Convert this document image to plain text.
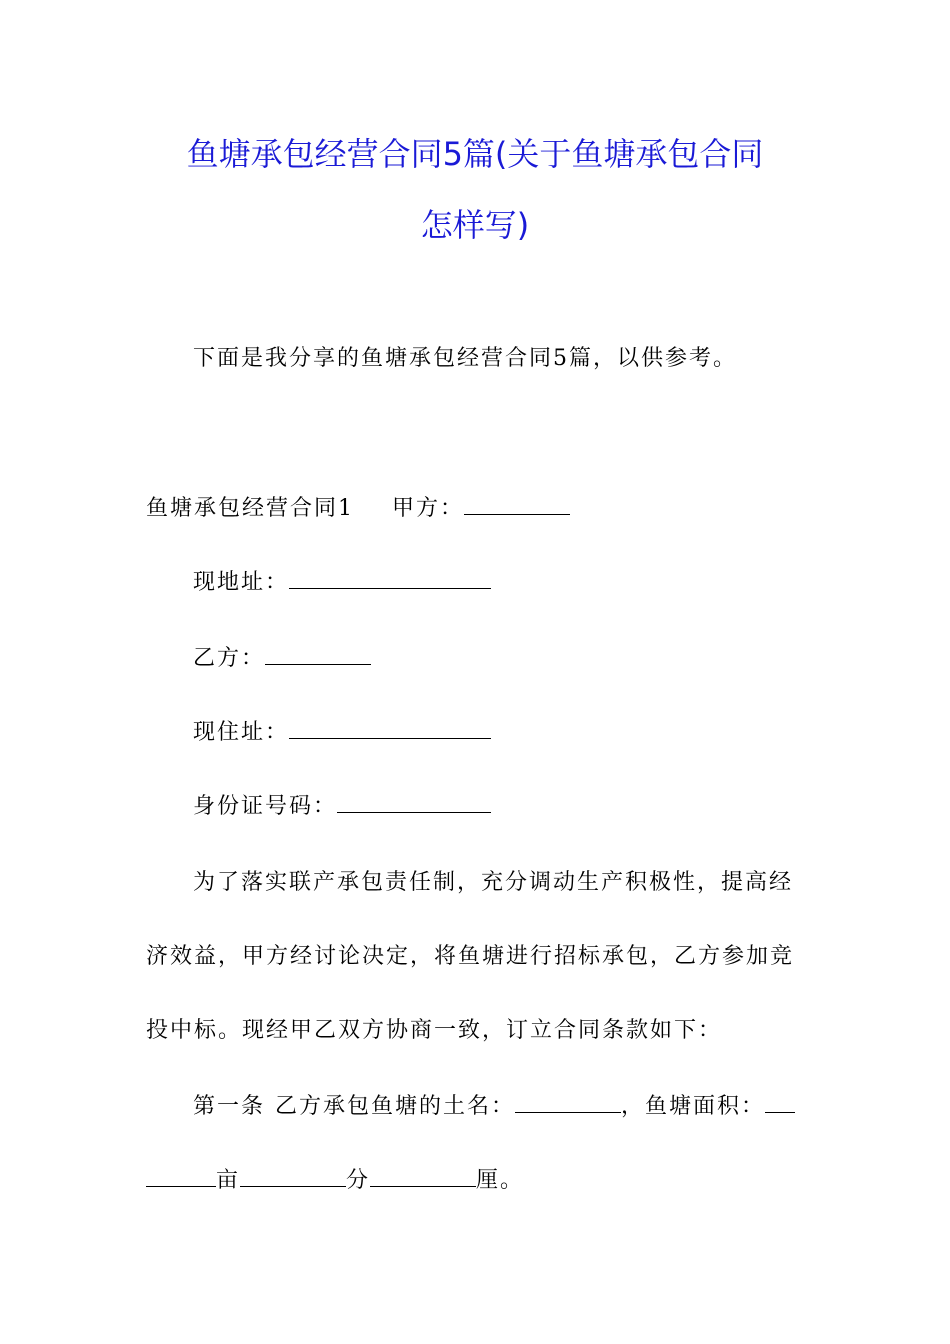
鱼塘承包经营合同5篇(关于鱼塘承包合同
怎样写)
下面是我分享的鱼塘承包经营合同5篇，以供参考。
鱼塘承包经营合同1 甲方：
现地址：
乙方：
现住址：
身份证号码：
为了落实联产承包责任制，充分调动生产积极性，提高经
济效益，甲方经讨论决定，将鱼塘进行招标承包，乙方参加竞
投中标。现经甲乙双方协商一致，订立合同条款如下：
第一条 乙方承包鱼塘的土名：	，鱼塘面积：
亩	分	厘。
